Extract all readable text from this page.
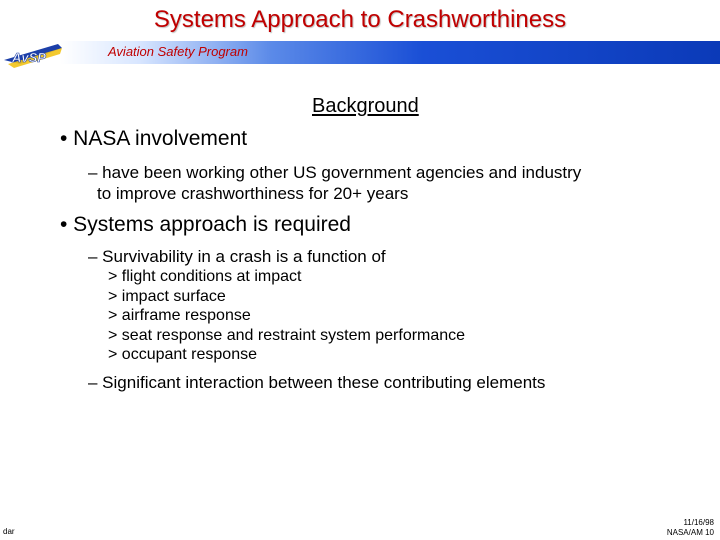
Systems Approach to Crashworthiness
Aviation Safety Program
AvSP
Background
• NASA involvement
– have been working other US government agencies and industry
to improve crashworthiness for 20+ years
• Systems approach is required
– Survivability in a crash is a function of
> flight conditions at impact
> impact surface
> airframe response
> seat response and restraint system performance
> occupant response
– Significant interaction between these contributing elements
dar
11/16/98
NASA/AM 10
